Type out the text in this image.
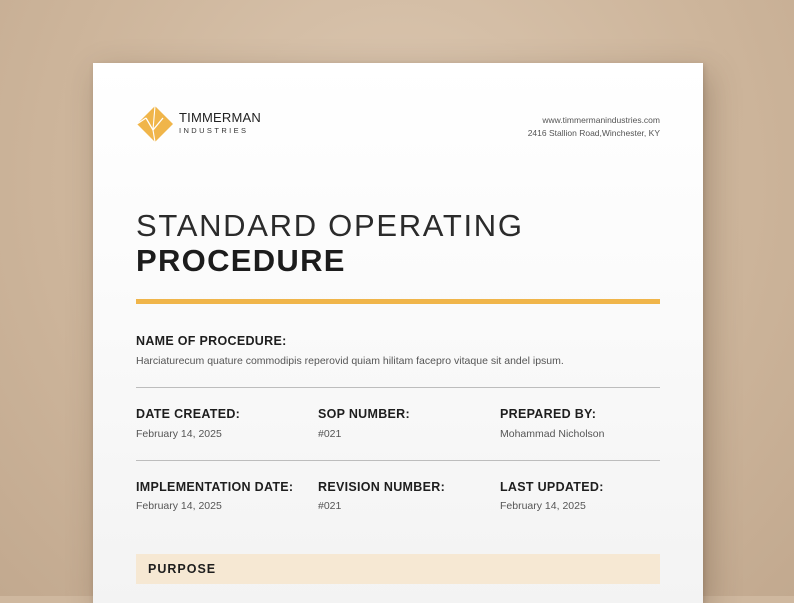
TIMMERMAN
INDUSTRIES
www.timmermanindustries.com
2416 Stallion Road,Winchester, KY
STANDARD OPERATING
PROCEDURE
NAME OF PROCEDURE:
Harciaturecum quature commodipis reperovid quiam hilitam facepro vitaque sit andel ipsum.
DATE CREATED:
February 14, 2025
SOP NUMBER:
#021
PREPARED BY:
Mohammad Nicholson
IMPLEMENTATION DATE:
February 14, 2025
REVISION NUMBER:
#021
LAST UPDATED:
February 14, 2025
PURPOSE
